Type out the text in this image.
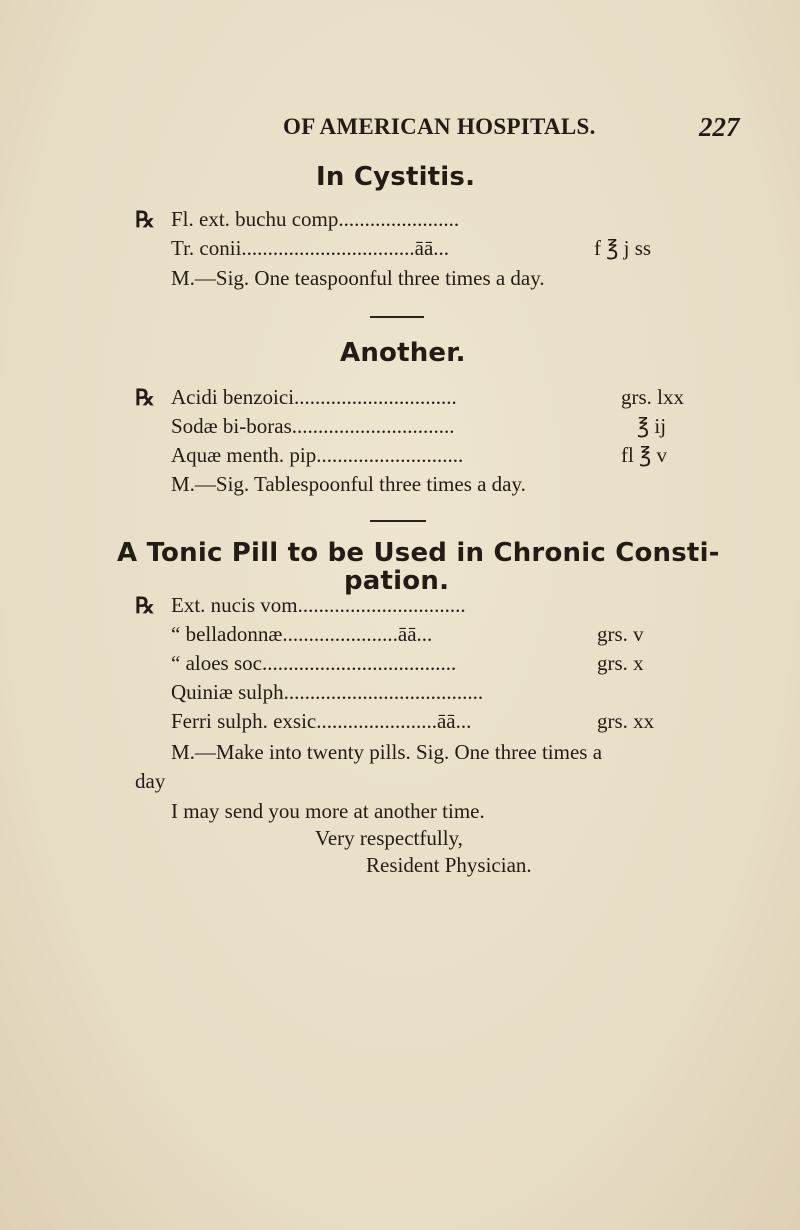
OF AMERICAN HOSPITALS.	227
In Cystitis.
℞ Fl. ext. buchu comp.......................
Tr. conii.................................āā...	f ℥ j ss
M.—Sig. One teaspoonful three times a day.
Another.
℞ Acidi benzoici...............................	grs. lxx
Sodæ bi-boras...............................	℥ ij
Aquæ menth. pip............................	fl ℥ v
M.—Sig. Tablespoonful three times a day.
A Tonic Pill to be Used in Chronic Consti-
pation.
℞ Ext. nucis vom................................
“ belladonnæ......................āā...	grs. v
“ aloes soc.....................................	grs. x
Quiniæ sulph......................................
Ferri sulph. exsic.......................āā...	grs. xx
M.—Make into twenty pills. Sig. One three times a
day
I may send you more at another time.
Very respectfully,
Resident Physician.
